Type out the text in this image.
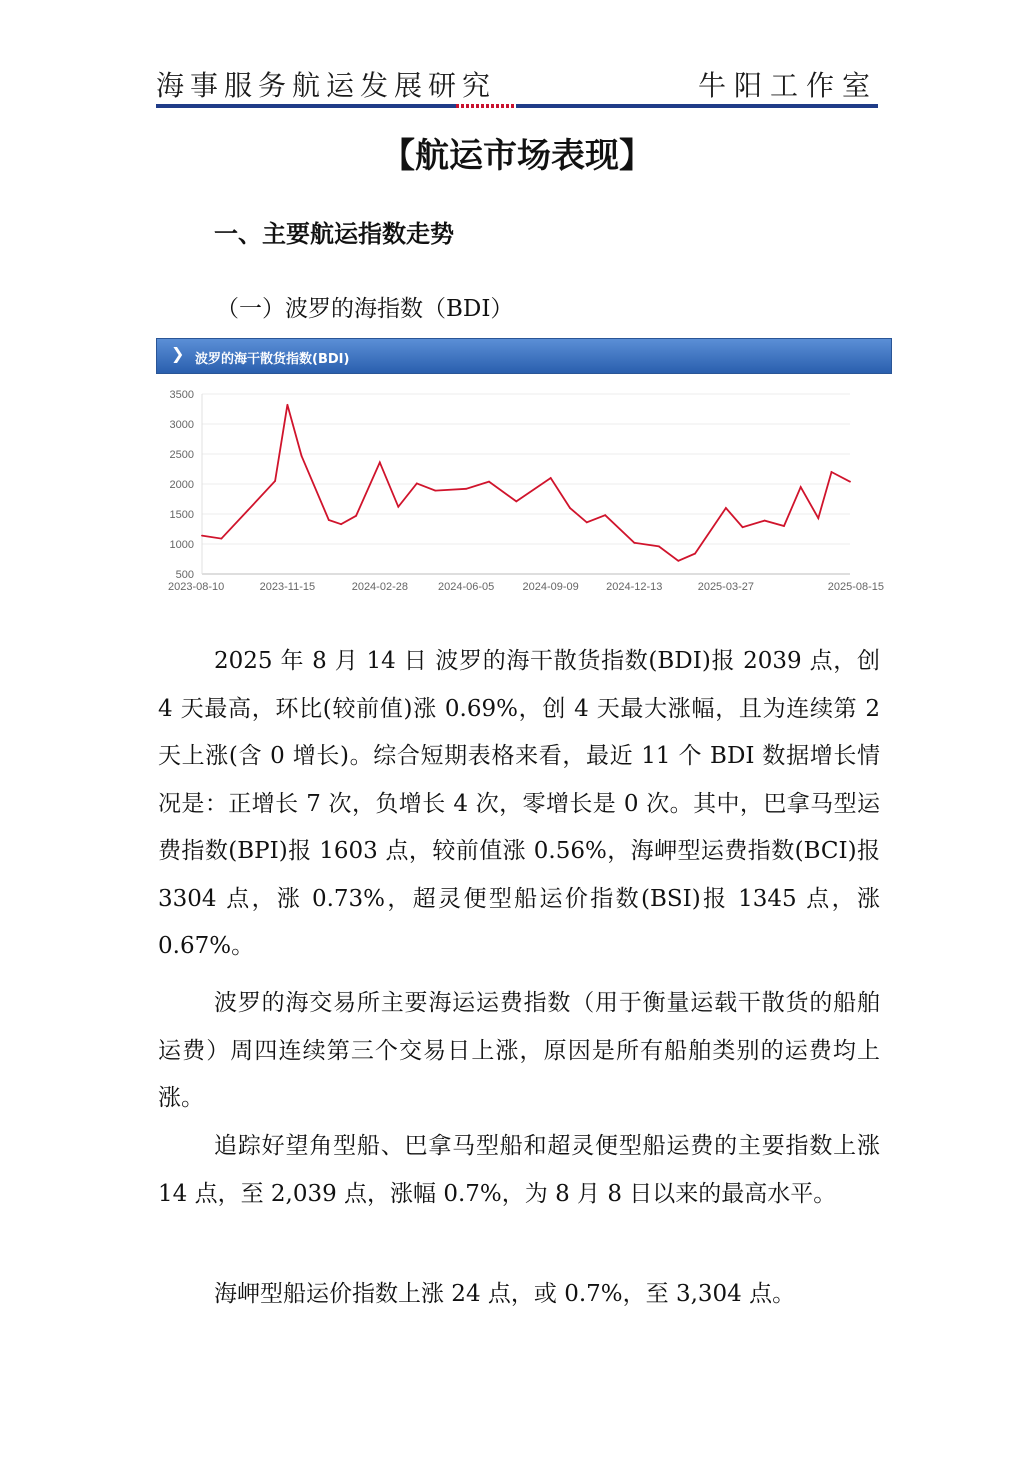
海事服务航运发展研究	牛阳工作室
【航运市场表现】
一、主要航运指数走势
（一）波罗的海指数（BDI）
❯ 波罗的海干散货指数(BDI)
3500
3000
2500
2000
1500
1000
500
2023-08-10	2023-11-15	2024-02-28	2024-06-05	2024-09-09 2024-12-13	2025-03-27	2025-08-15
2025 年 8 月 14 日 波罗的海干散货指数(BDI)报 2039 点，创 4 天最高，环比(较前值)涨 0.69%，创 4 天最大涨幅，且为连续第 2 天上涨(含 0 增长)。综合短期表格来看，最近 11 个 BDI 数据增长情况是：正增长 7 次，负增长 4 次，零增长是 0 次。其中，巴拿马型运费指数(BPI)报 1603 点，较前值涨 0.56%，海岬型运费指数(BCI)报 3304 点，涨 0.73%，超灵便型船运价指数(BSI)报 1345 点，涨 0.67%。
波罗的海交易所主要海运运费指数（用于衡量运载干散货的船舶运费）周四连续第三个交易日上涨，原因是所有船舶类别的运费均上涨。
追踪好望角型船、巴拿马型船和超灵便型船运费的主要指数上涨 14 点，至 2,039 点，涨幅 0.7%，为 8 月 8 日以来的最高水平。
海岬型船运价指数上涨 24 点，或 0.7%，至 3,304 点。
